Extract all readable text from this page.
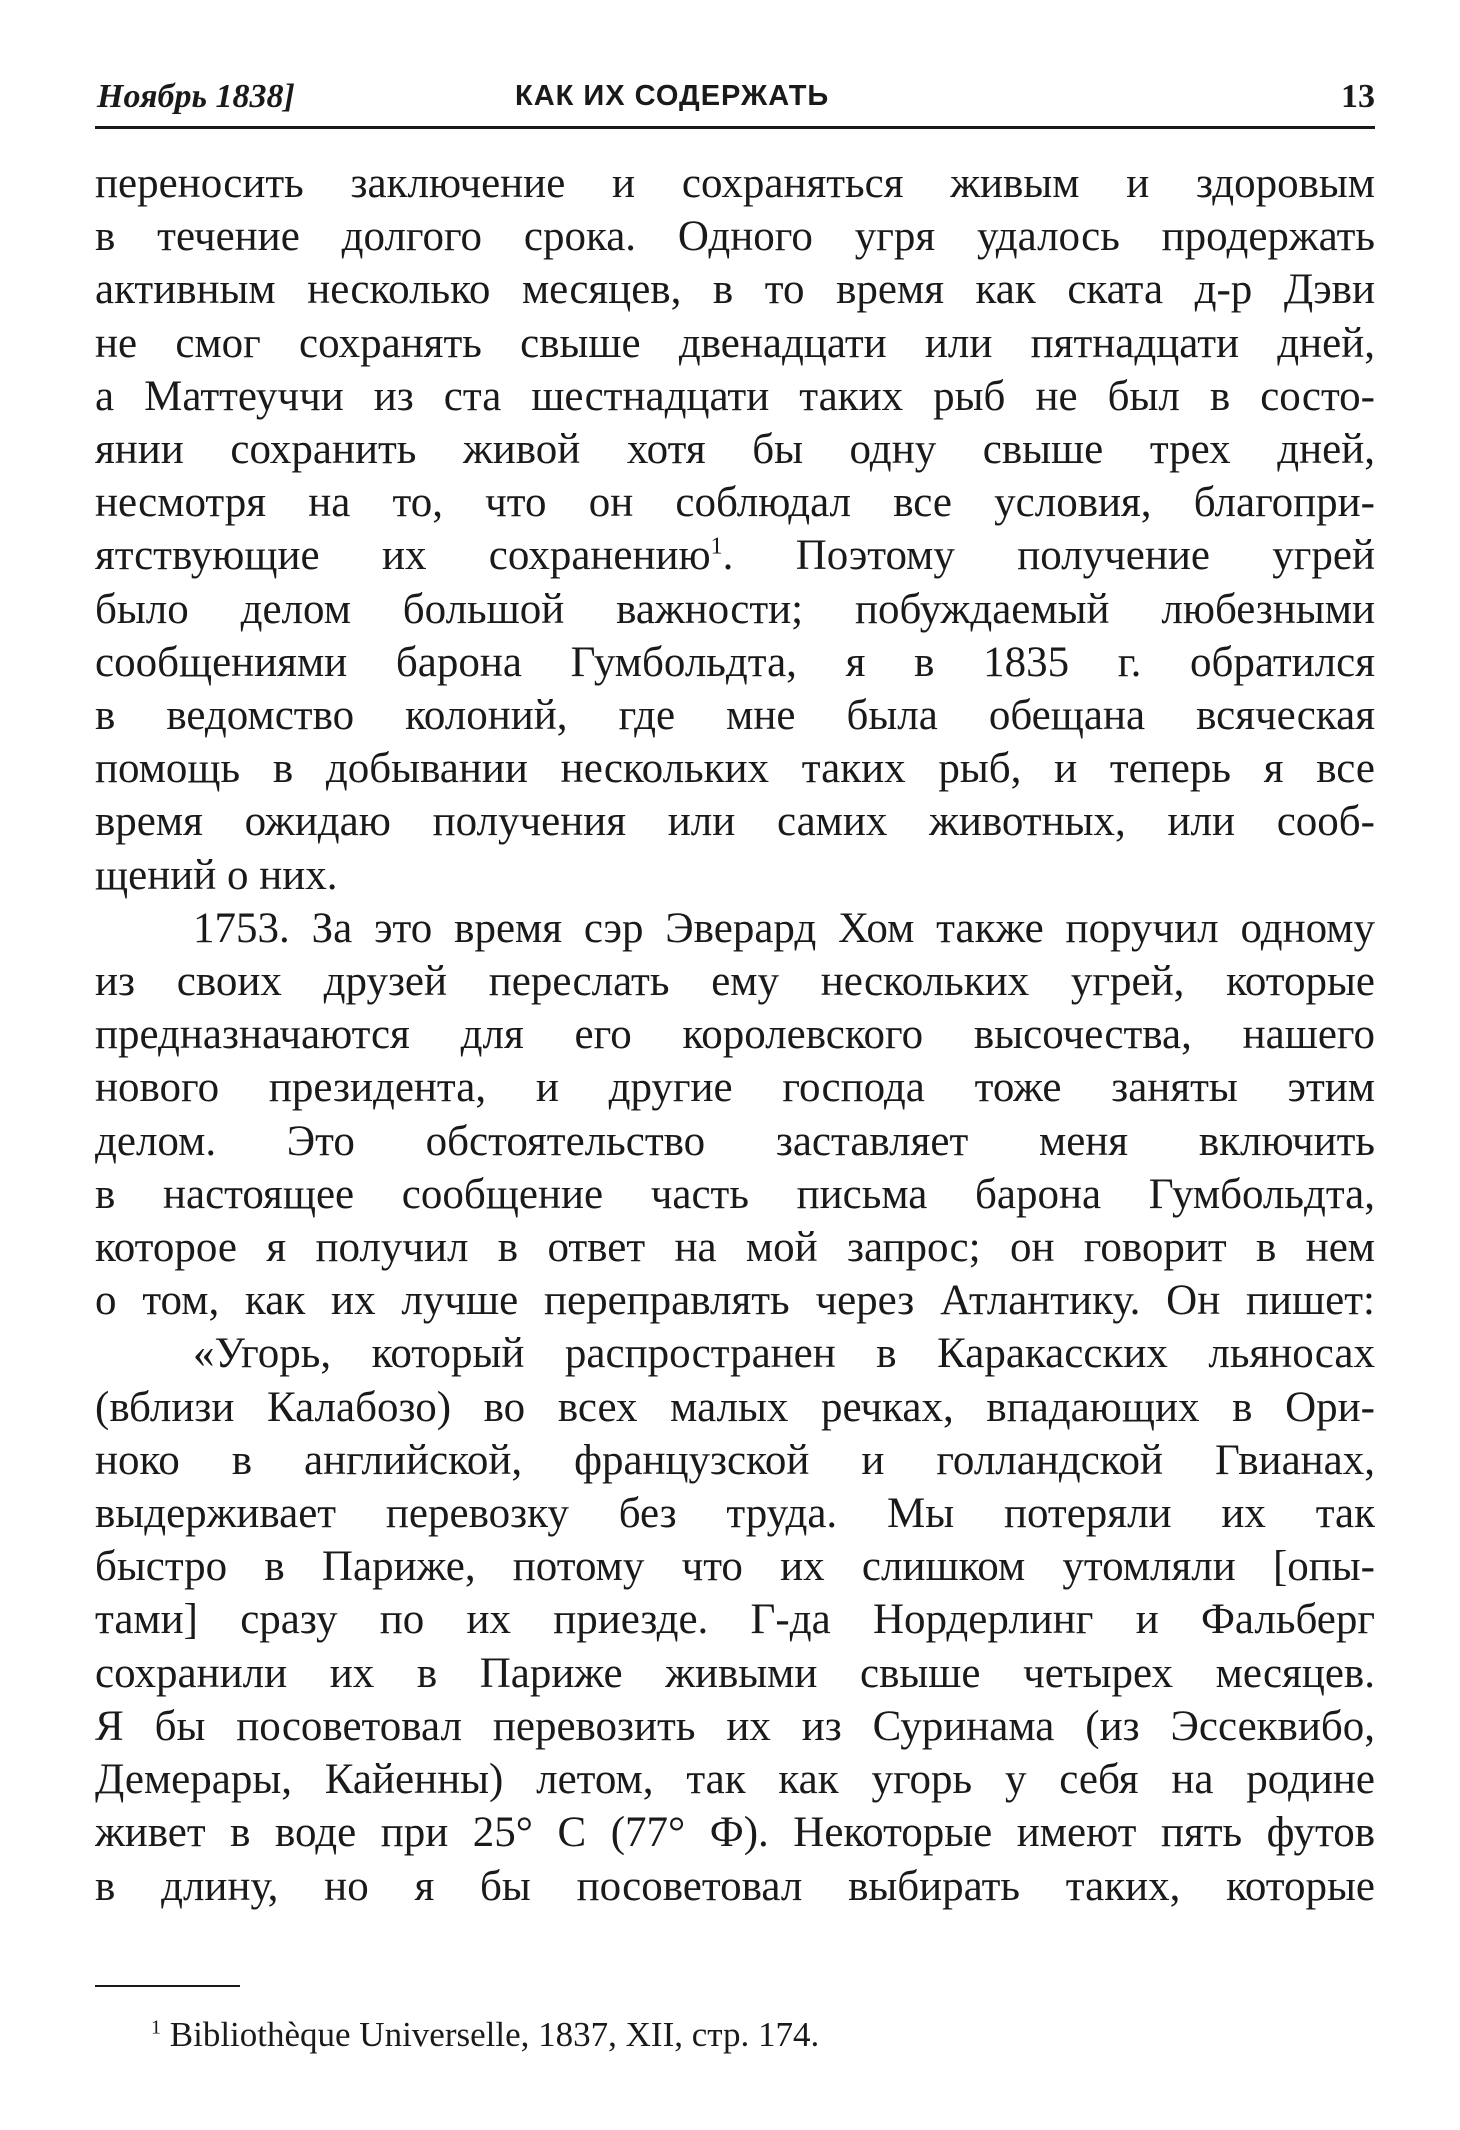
Ноябрь 1838]	КАК ИХ СОДЕРЖАТЬ	13
переносить заключение и сохраняться живым и здоровым
в течение долгого срока. Одного угря удалось продержать
активным несколько месяцев, в то время как ската д-р Дэви
не смог сохранять свыше двенадцати или пятнадцати дней,
а Маттеуччи из ста шестнадцати таких рыб не был в состо-
янии сохранить живой хотя бы одну свыше трех дней,
несмотря на то, что он соблюдал все условия, благопри-
ятствующие их сохранению$^1$. Поэтому получение угрей
было делом большой важности; побуждаемый любезными
сообщениями барона Гумбольдта, я в 1835 г. обратился
в ведомство колоний, где мне была обещана всяческая
помощь в добывании нескольких таких рыб, и теперь я все
время ожидаю получения или самих животных, или сооб-
щений о них.
1753. За это время сэр Эверард Хом также поручил одному
из своих друзей переслать ему нескольких угрей, которые
предназначаются для его королевского высочества, нашего
нового президента, и другие господа тоже заняты этим
делом. Это обстоятельство заставляет меня включить
в настоящее сообщение часть письма барона Гумбольдта,
которое я получил в ответ на мой запрос; он говорит в нем
о том, как их лучше переправлять через Атлантику. Он пишет:
«Угорь, который распространен в Каракасских льяносах
(вблизи Калабозо) во всех малых речках, впадающих в Ори-
ноко в английской, французской и голландской Гвианах,
выдерживает перевозку без труда. Мы потеряли их так
быстро в Париже, потому что их слишком утомляли [опы-
тами] сразу по их приезде. Г-да Нордерлинг и Фальберг
сохранили их в Париже живыми свыше четырех месяцев.
Я бы посоветовал перевозить их из Суринама (из Эссеквибо,
Демерары, Кайенны) летом, так как угорь у себя на родине
живет в воде при 25° С (77° Ф). Некоторые имеют пять футов
в длину, но я бы посоветовал выбирать таких, которые
$^1$ Bibliothèque Universelle, 1837, XII, стр. 174.
